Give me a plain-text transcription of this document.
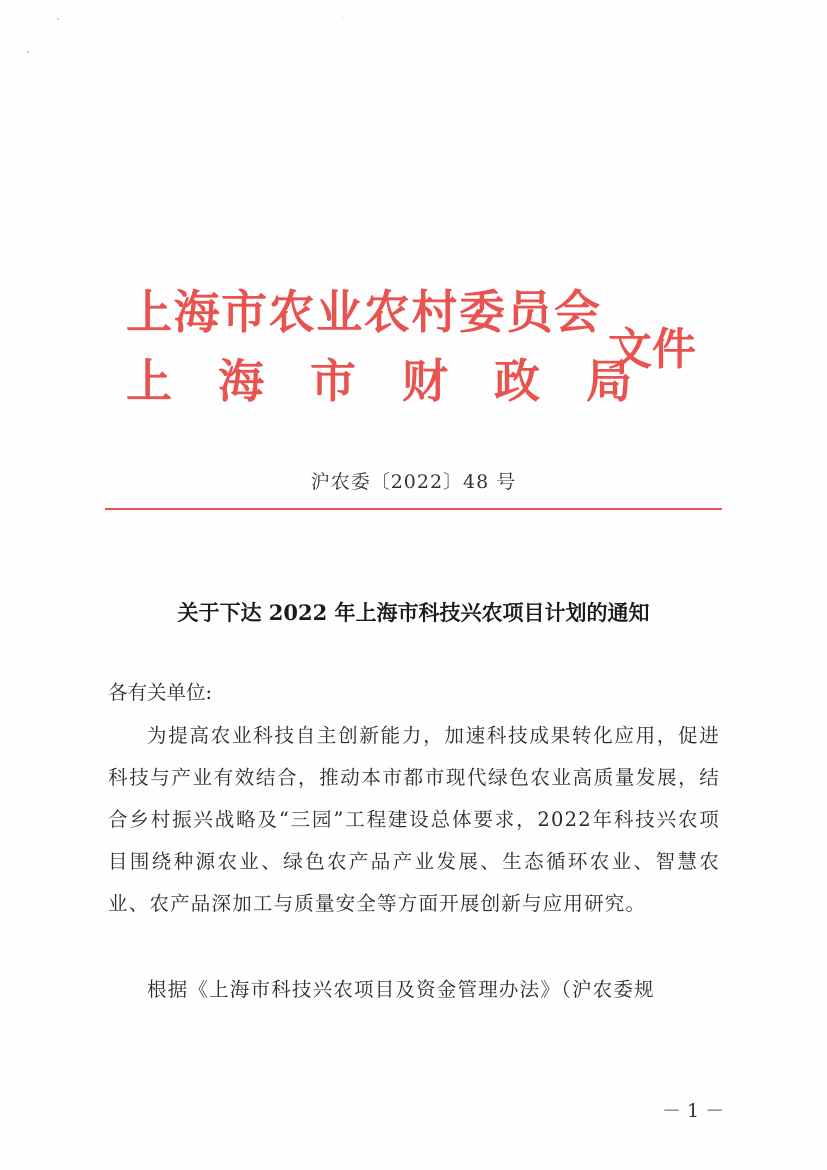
上海市农业农村委员会
上　海　市　财　政　局
文件
沪农委〔2022〕48 号
关于下达 2022 年上海市科技兴农项目计划的通知
各有关单位:
为提高农业科技自主创新能力，加速科技成果转化应用，促进科技与产业有效结合，推动本市都市现代绿色农业高质量发展，结合乡村振兴战略及“三园”工程建设总体要求，2022年科技兴农项目围绕种源农业、绿色农产品产业发展、生态循环农业、智慧农业、农产品深加工与质量安全等方面开展创新与应用研究。
根据《上海市科技兴农项目及资金管理办法》（沪农委规
－ 1 －
